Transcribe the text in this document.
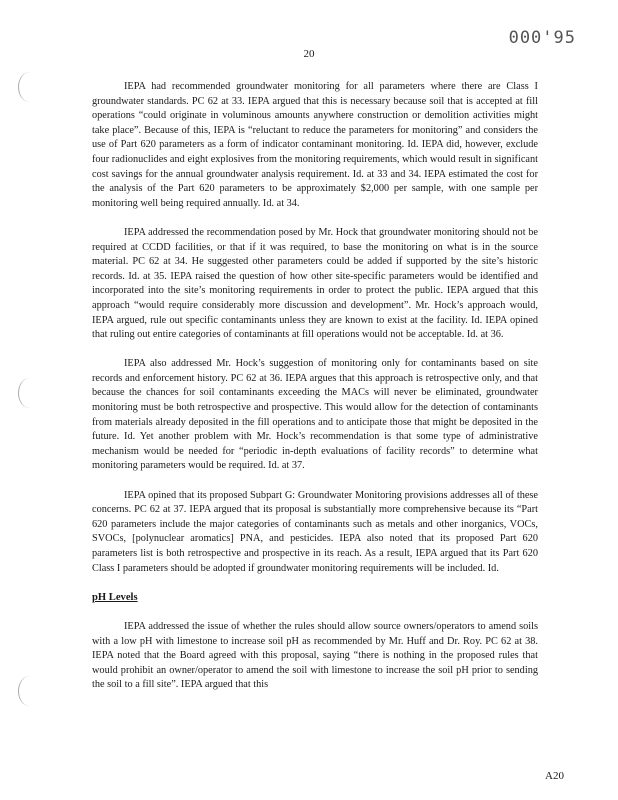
000'95
20

IEPA had recommended groundwater monitoring for all parameters where there are Class I groundwater standards. PC 62 at 33. IEPA argued that this is necessary because soil that is accepted at fill operations “could originate in voluminous amounts anywhere construction or demolition activities might take place”. Because of this, IEPA is “reluctant to reduce the parameters for monitoring” and considers the use of Part 620 parameters as a form of indicator contaminant monitoring. Id. IEPA did, however, exclude four radionuclides and eight explosives from the monitoring requirements, which would result in significant cost savings for the annual groundwater analysis requirement. Id. at 33 and 34. IEPA estimated the cost for the analysis of the Part 620 parameters to be approximately $2,000 per sample, with one sample per monitoring well being required annually. Id. at 34.

IEPA addressed the recommendation posed by Mr. Hock that groundwater monitoring should not be required at CCDD facilities, or that if it was required, to base the monitoring on what is in the source material. PC 62 at 34. He suggested other parameters could be added if supported by the site’s historic records. Id. at 35. IEPA raised the question of how other site-specific parameters would be identified and incorporated into the site’s monitoring requirements in order to protect the public. IEPA argued that this approach “would require considerably more discussion and development”. Mr. Hock’s approach would, IEPA argued, rule out specific contaminants unless they are known to exist at the facility. Id. IEPA opined that ruling out entire categories of contaminants at fill operations would not be acceptable. Id. at 36.

IEPA also addressed Mr. Hock’s suggestion of monitoring only for contaminants based on site records and enforcement history. PC 62 at 36. IEPA argues that this approach is retrospective only, and that because the chances for soil contaminants exceeding the MACs will never be eliminated, groundwater monitoring must be both retrospective and prospective. This would allow for the detection of contaminants from materials already deposited in the fill operations and to anticipate those that might be deposited in the future. Id. Yet another problem with Mr. Hock’s recommendation is that some type of administrative mechanism would be needed for “periodic in-depth evaluations of facility records” to determine what monitoring parameters would be required. Id. at 37.

IEPA opined that its proposed Subpart G: Groundwater Monitoring provisions addresses all of these concerns. PC 62 at 37. IEPA argued that its proposal is substantially more comprehensive because its “Part 620 parameters include the major categories of contaminants such as metals and other inorganics, VOCs, SVOCs, [polynuclear aromatics] PNA, and pesticides. IEPA also noted that its proposed Part 620 parameters list is both retrospective and prospective in its reach. As a result, IEPA argued that its Part 620 Class I parameters should be adopted if groundwater monitoring requirements will be included. Id.

pH Levels

IEPA addressed the issue of whether the rules should allow source owners/operators to amend soils with a low pH with limestone to increase soil pH as recommended by Mr. Huff and Dr. Roy. PC 62 at 38. IEPA noted that the Board agreed with this proposal, saying “there is nothing in the proposed rules that would prohibit an owner/operator to amend the soil with limestone to increase the soil pH prior to sending the soil to a fill site”. IEPA argued that this

A20
